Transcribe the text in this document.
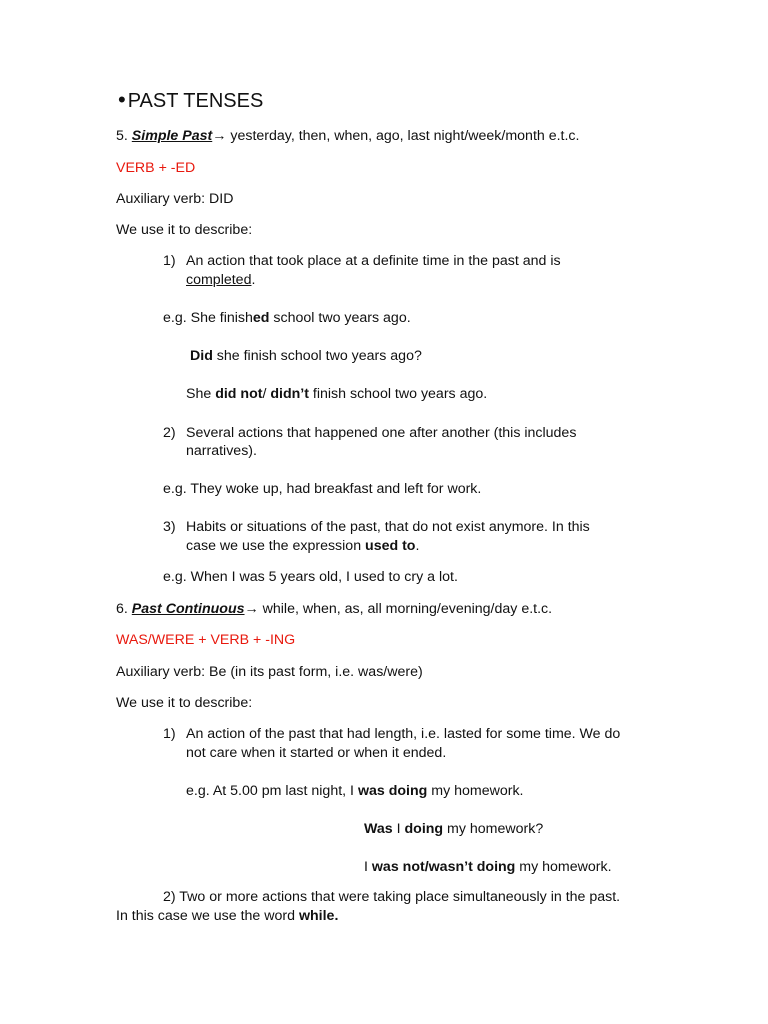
• PAST TENSES
5. Simple Past→ yesterday, then, when, ago, last night/week/month e.t.c.
VERB + -ED
Auxiliary verb: DID
We use it to describe:
1) An action that took place at a definite time in the past and is
completed.
e.g. She finished school two years ago.
Did she finish school two years ago?
She did not/ didn’t finish school two years ago.
2) Several actions that happened one after another (this includes
narratives).
e.g. They woke up, had breakfast and left for work.
3) Habits or situations of the past, that do not exist anymore. In this
case we use the expression used to.
e.g. When I was 5 years old, I used to cry a lot.
6. Past Continuous→ while, when, as, all morning/evening/day e.t.c.
WAS/WERE + VERB + -ING
Auxiliary verb: Be (in its past form, i.e. was/were)
We use it to describe:
1) An action of the past that had length, i.e. lasted for some time. We do
not care when it started or when it ended.
e.g. At 5.00 pm last night, I was doing my homework.
Was I doing my homework?
I was not/wasn’t doing my homework.
2) Two or more actions that were taking place simultaneously in the past.
In this case we use the word while.
